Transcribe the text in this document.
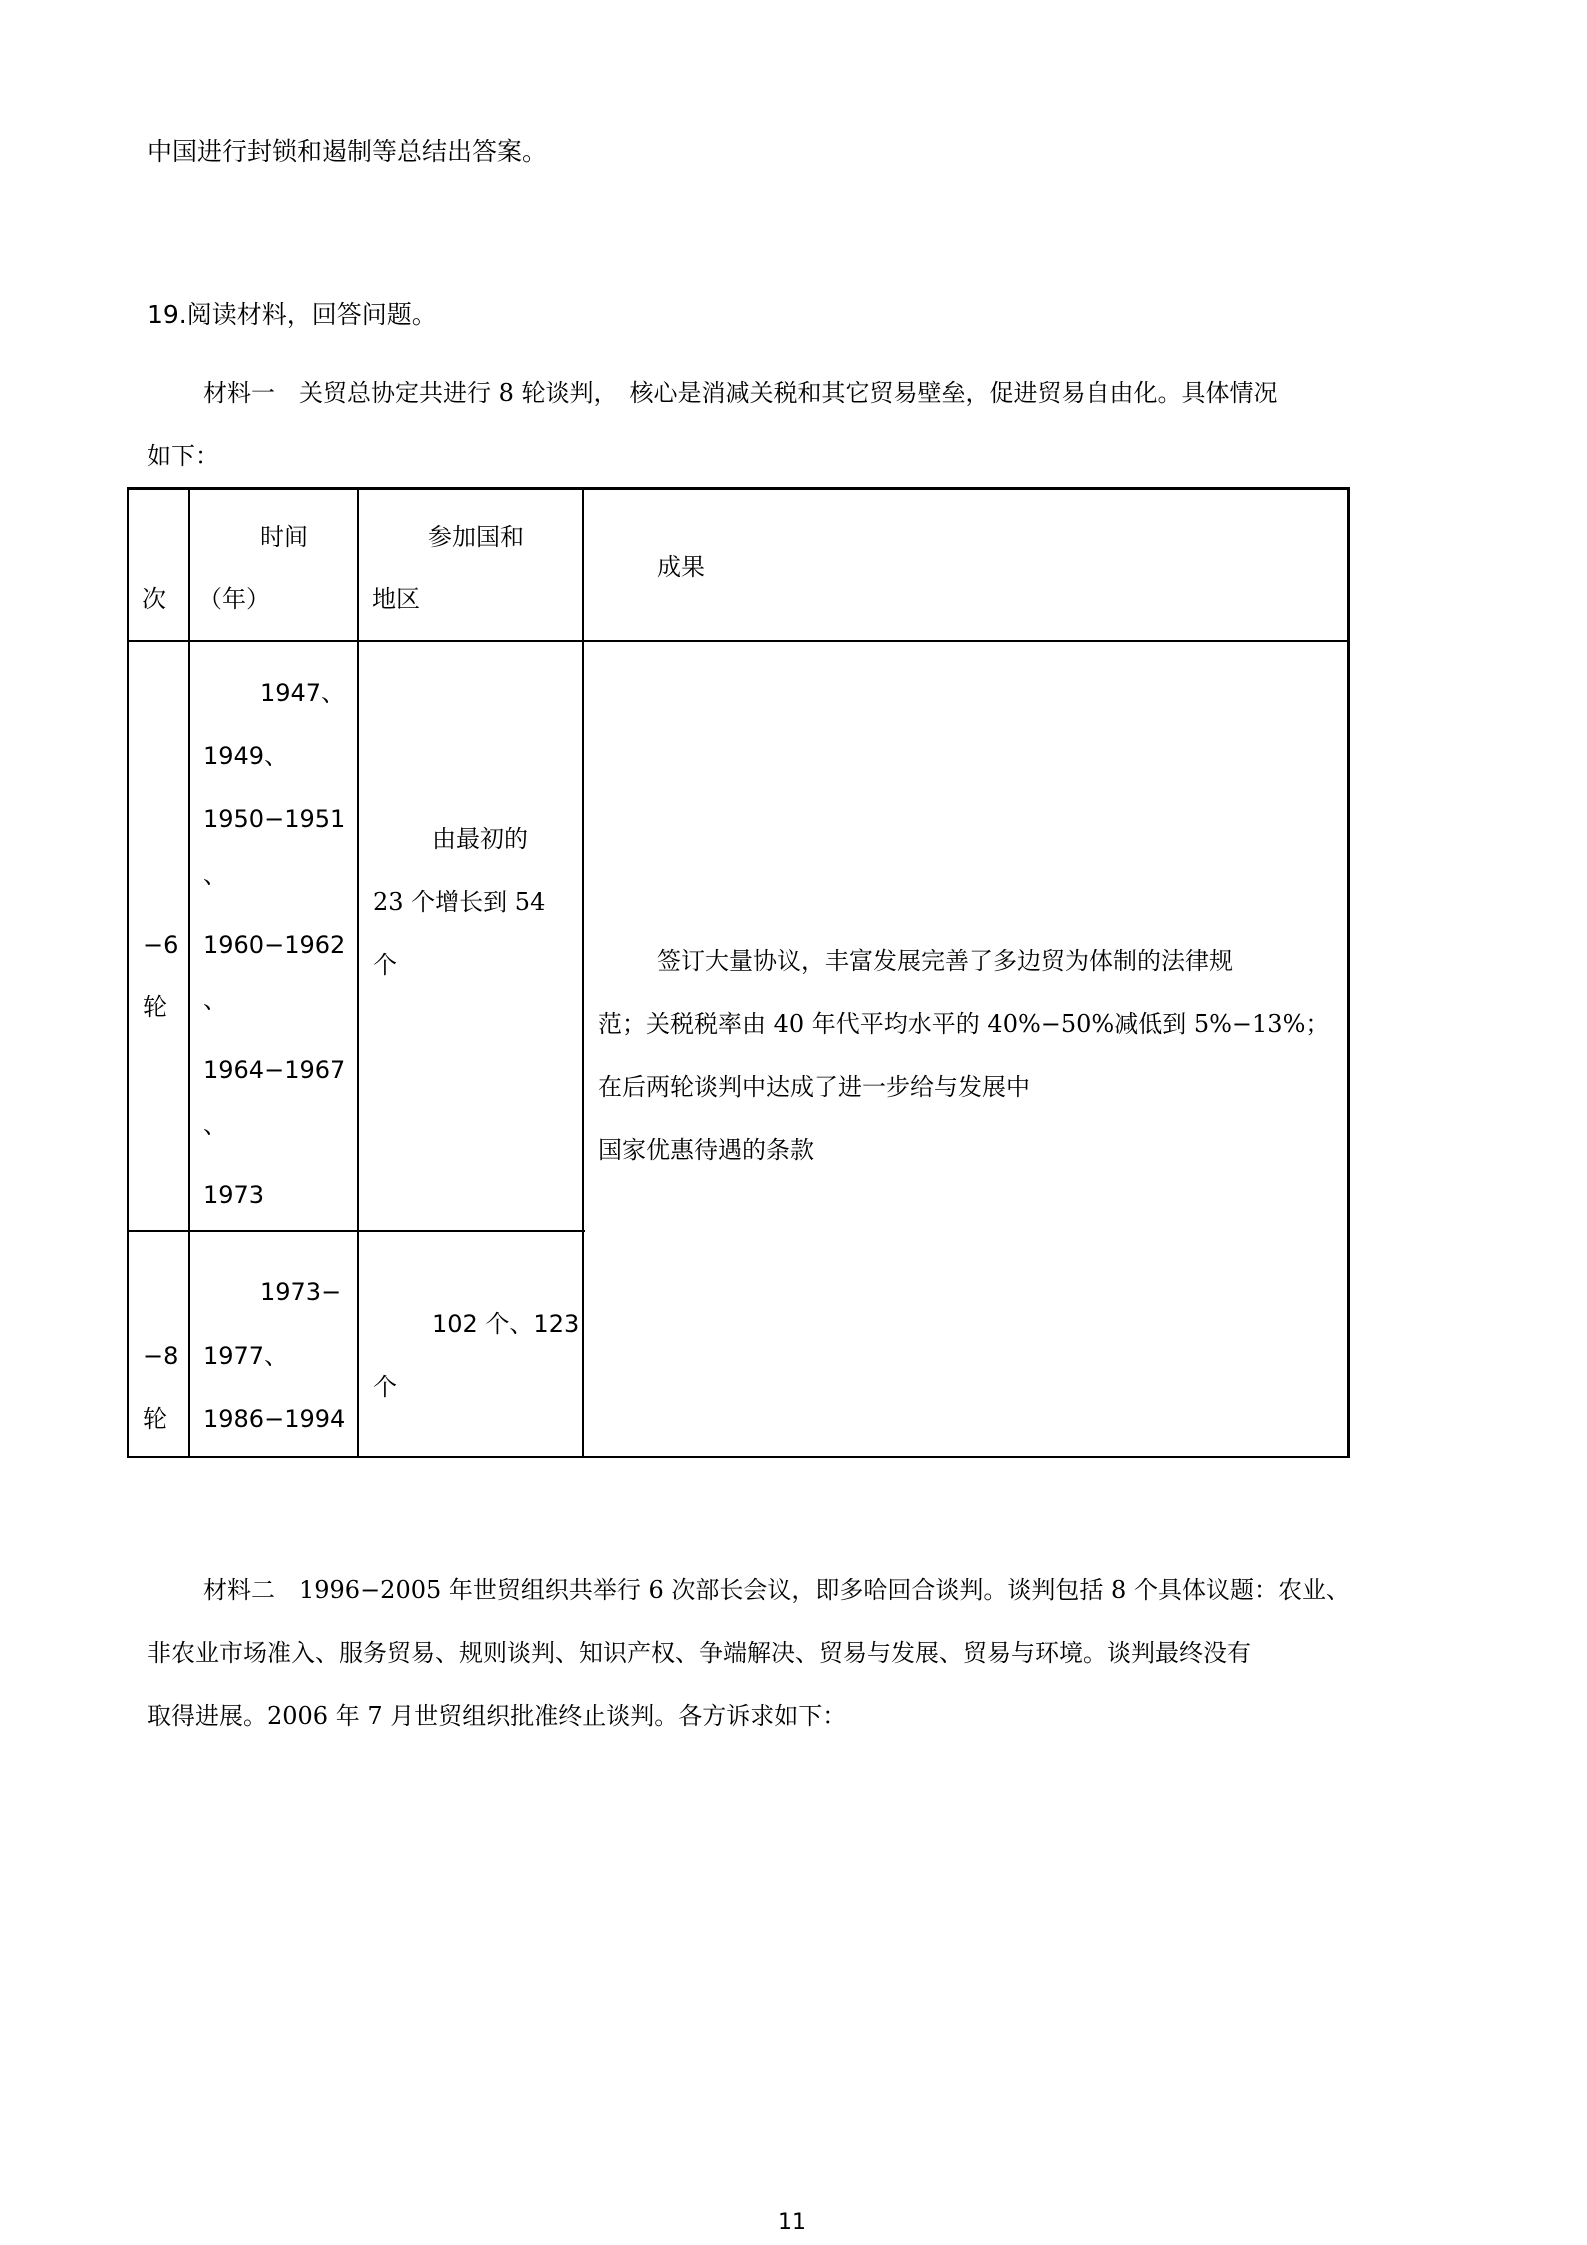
中国进行封锁和遏制等总结出答案。
19.阅读材料，回答问题。
材料一　关贸总协定共进行 8 轮谈判，　核心是消减关税和其它贸易壁垒，促进贸易自由化。具体情况
如下：
次
时间
（年）
参加国和
地区
成果
−6
轮
1947、
1949、
1950−1951
、
1960−1962
、
1964−1967
、
1973
由最初的
23 个增长到 54
个	签订大量协议，丰富发展完善了多边贸为体制的法律规
范；关税税率由 40 年代平均水平的 40%−50%减低到 5%−13%；
在后两轮谈判中达成了进一步给与发展中
国家优惠待遇的条款
−8
轮
1973−
1977、
1986−1994
102 个、123
个
材料二　1996−2005 年世贸组织共举行 6 次部长会议，即多哈回合谈判。谈判包括 8 个具体议题：农业、
非农业市场准入、服务贸易、规则谈判、知识产权、争端解决、贸易与发展、贸易与环境。谈判最终没有
取得进展。2006 年 7 月世贸组织批准终止谈判。各方诉求如下：
11
